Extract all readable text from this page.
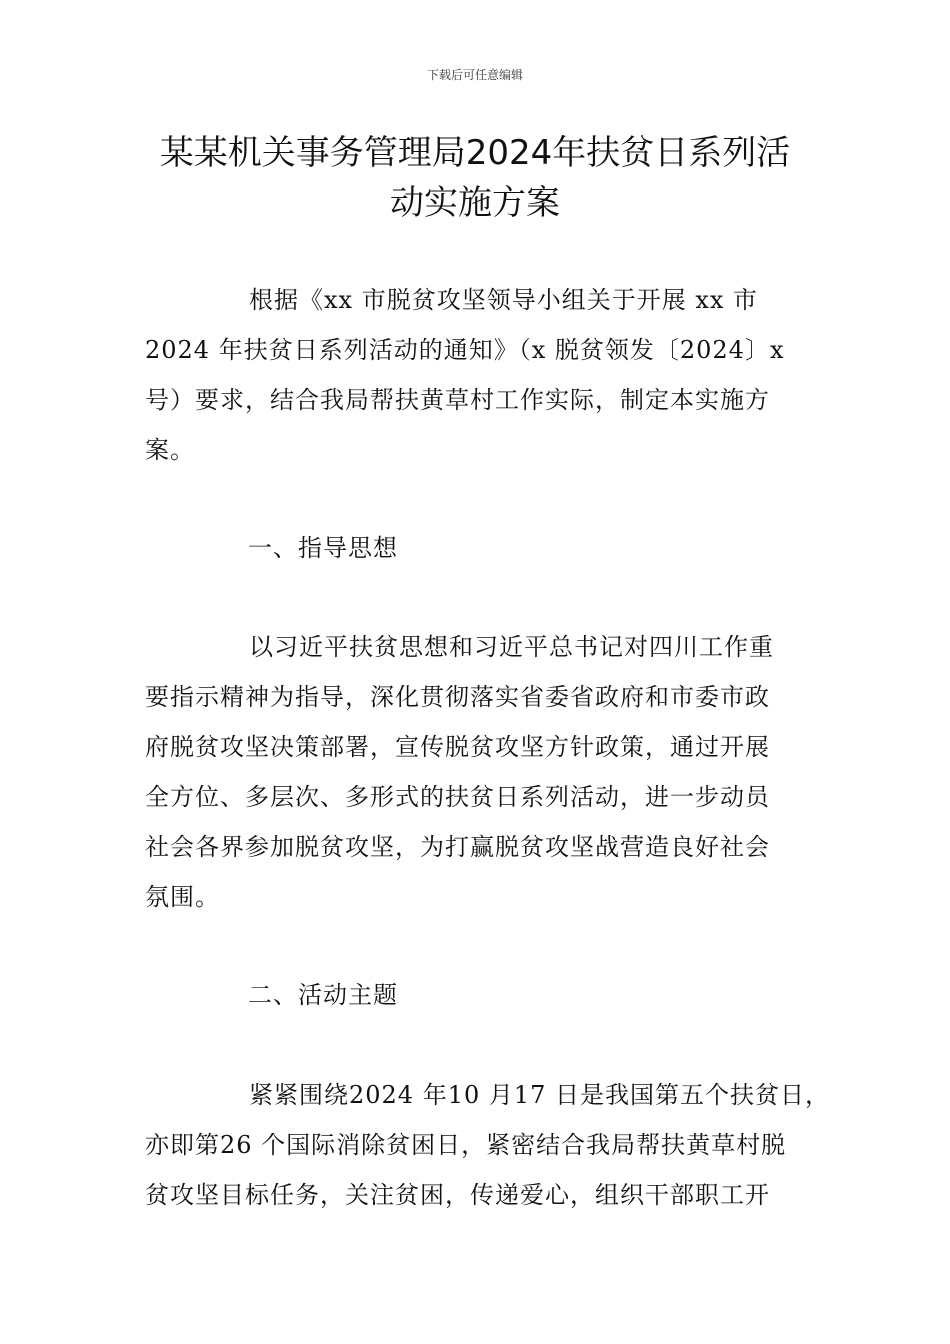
下载后可任意编辑
某某机关事务管理局2024年扶贫日系列活
动实施方案
根据《xx 市脱贫攻坚领导小组关于开展 xx 市
2024 年扶贫日系列活动的通知》（x 脱贫领发〔2024〕x
号）要求，结合我局帮扶黄草村工作实际，制定本实施方
案。
一、指导思想
以习近平扶贫思想和习近平总书记对四川工作重
要指示精神为指导，深化贯彻落实省委省政府和市委市政
府脱贫攻坚决策部署，宣传脱贫攻坚方针政策，通过开展
全方位、多层次、多形式的扶贫日系列活动，进一步动员
社会各界参加脱贫攻坚，为打赢脱贫攻坚战营造良好社会
氛围。
二、活动主题
紧紧围绕2024 年10 月17 日是我国第五个扶贫日，
亦即第26 个国际消除贫困日，紧密结合我局帮扶黄草村脱
贫攻坚目标任务，关注贫困，传递爱心，组织干部职工开
